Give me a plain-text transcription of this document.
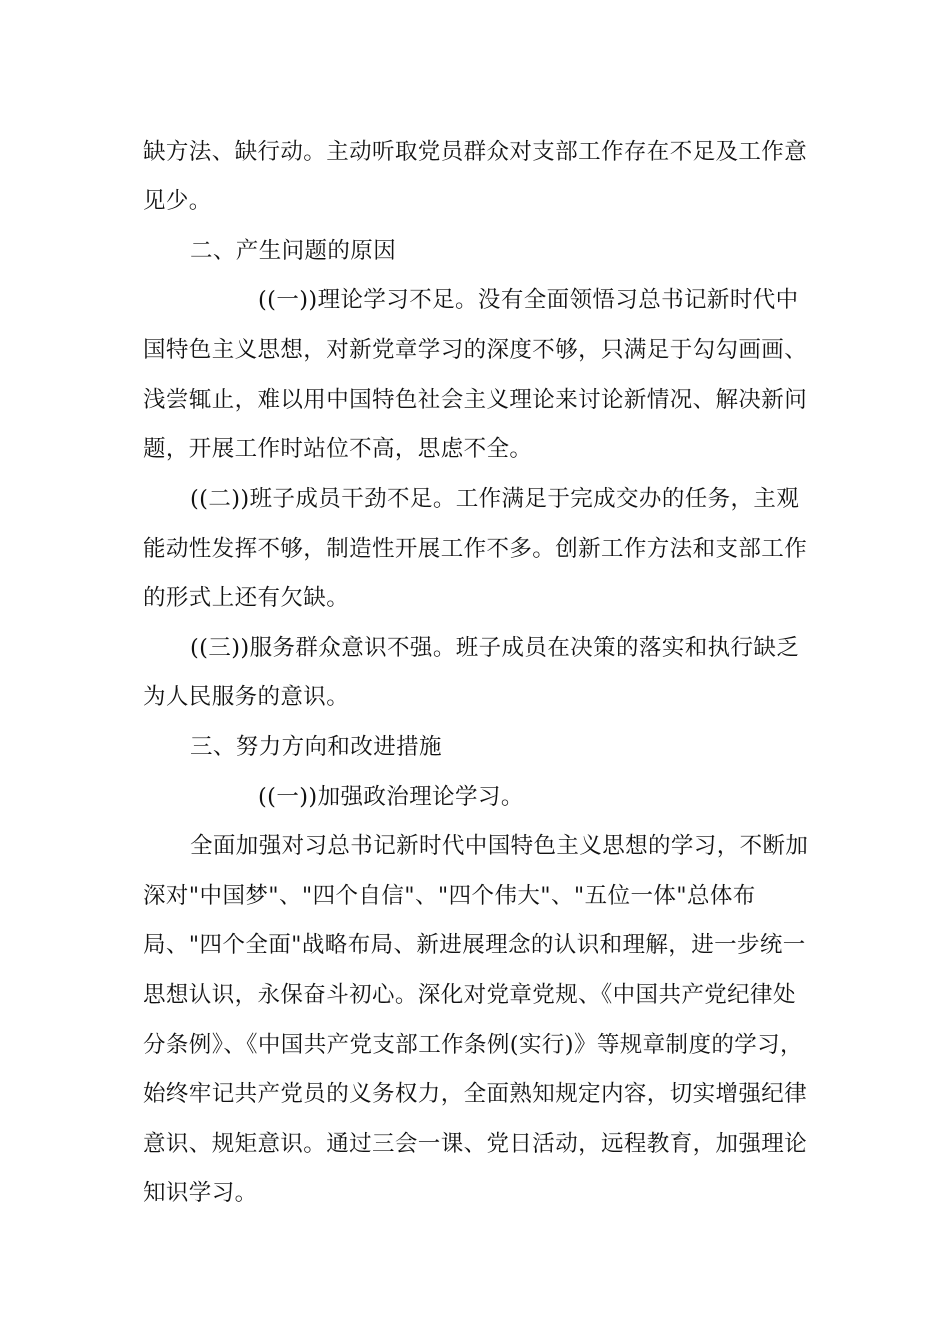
缺方法、缺行动。主动听取党员群众对支部工作存在不足及工作意
见少。
二、产生问题的原因
((一))理论学习不足。没有全面领悟习总书记新时代中
国特色主义思想，对新党章学习的深度不够，只满足于勾勾画画、
浅尝辄止，难以用中国特色社会主义理论来讨论新情况、解决新问
题，开展工作时站位不高，思虑不全。
((二))班子成员干劲不足。工作满足于完成交办的任务，主观
能动性发挥不够，制造性开展工作不多。创新工作方法和支部工作
的形式上还有欠缺。
((三))服务群众意识不强。班子成员在决策的落实和执行缺乏
为人民服务的意识。
三、努力方向和改进措施
((一))加强政治理论学习。
全面加强对习总书记新时代中国特色主义思想的学习，不断加
深对"中国梦"、"四个自信"、"四个伟大"、"五位一体"总体布
局、"四个全面"战略布局、新进展理念的认识和理解，进一步统一
思想认识，永保奋斗初心。深化对党章党规、《中国共产党纪律处
分条例》、《中国共产党支部工作条例(实行)》等规章制度的学习，
始终牢记共产党员的义务权力，全面熟知规定内容，切实增强纪律
意识、规矩意识。通过三会一课、党日活动，远程教育，加强理论
知识学习。
